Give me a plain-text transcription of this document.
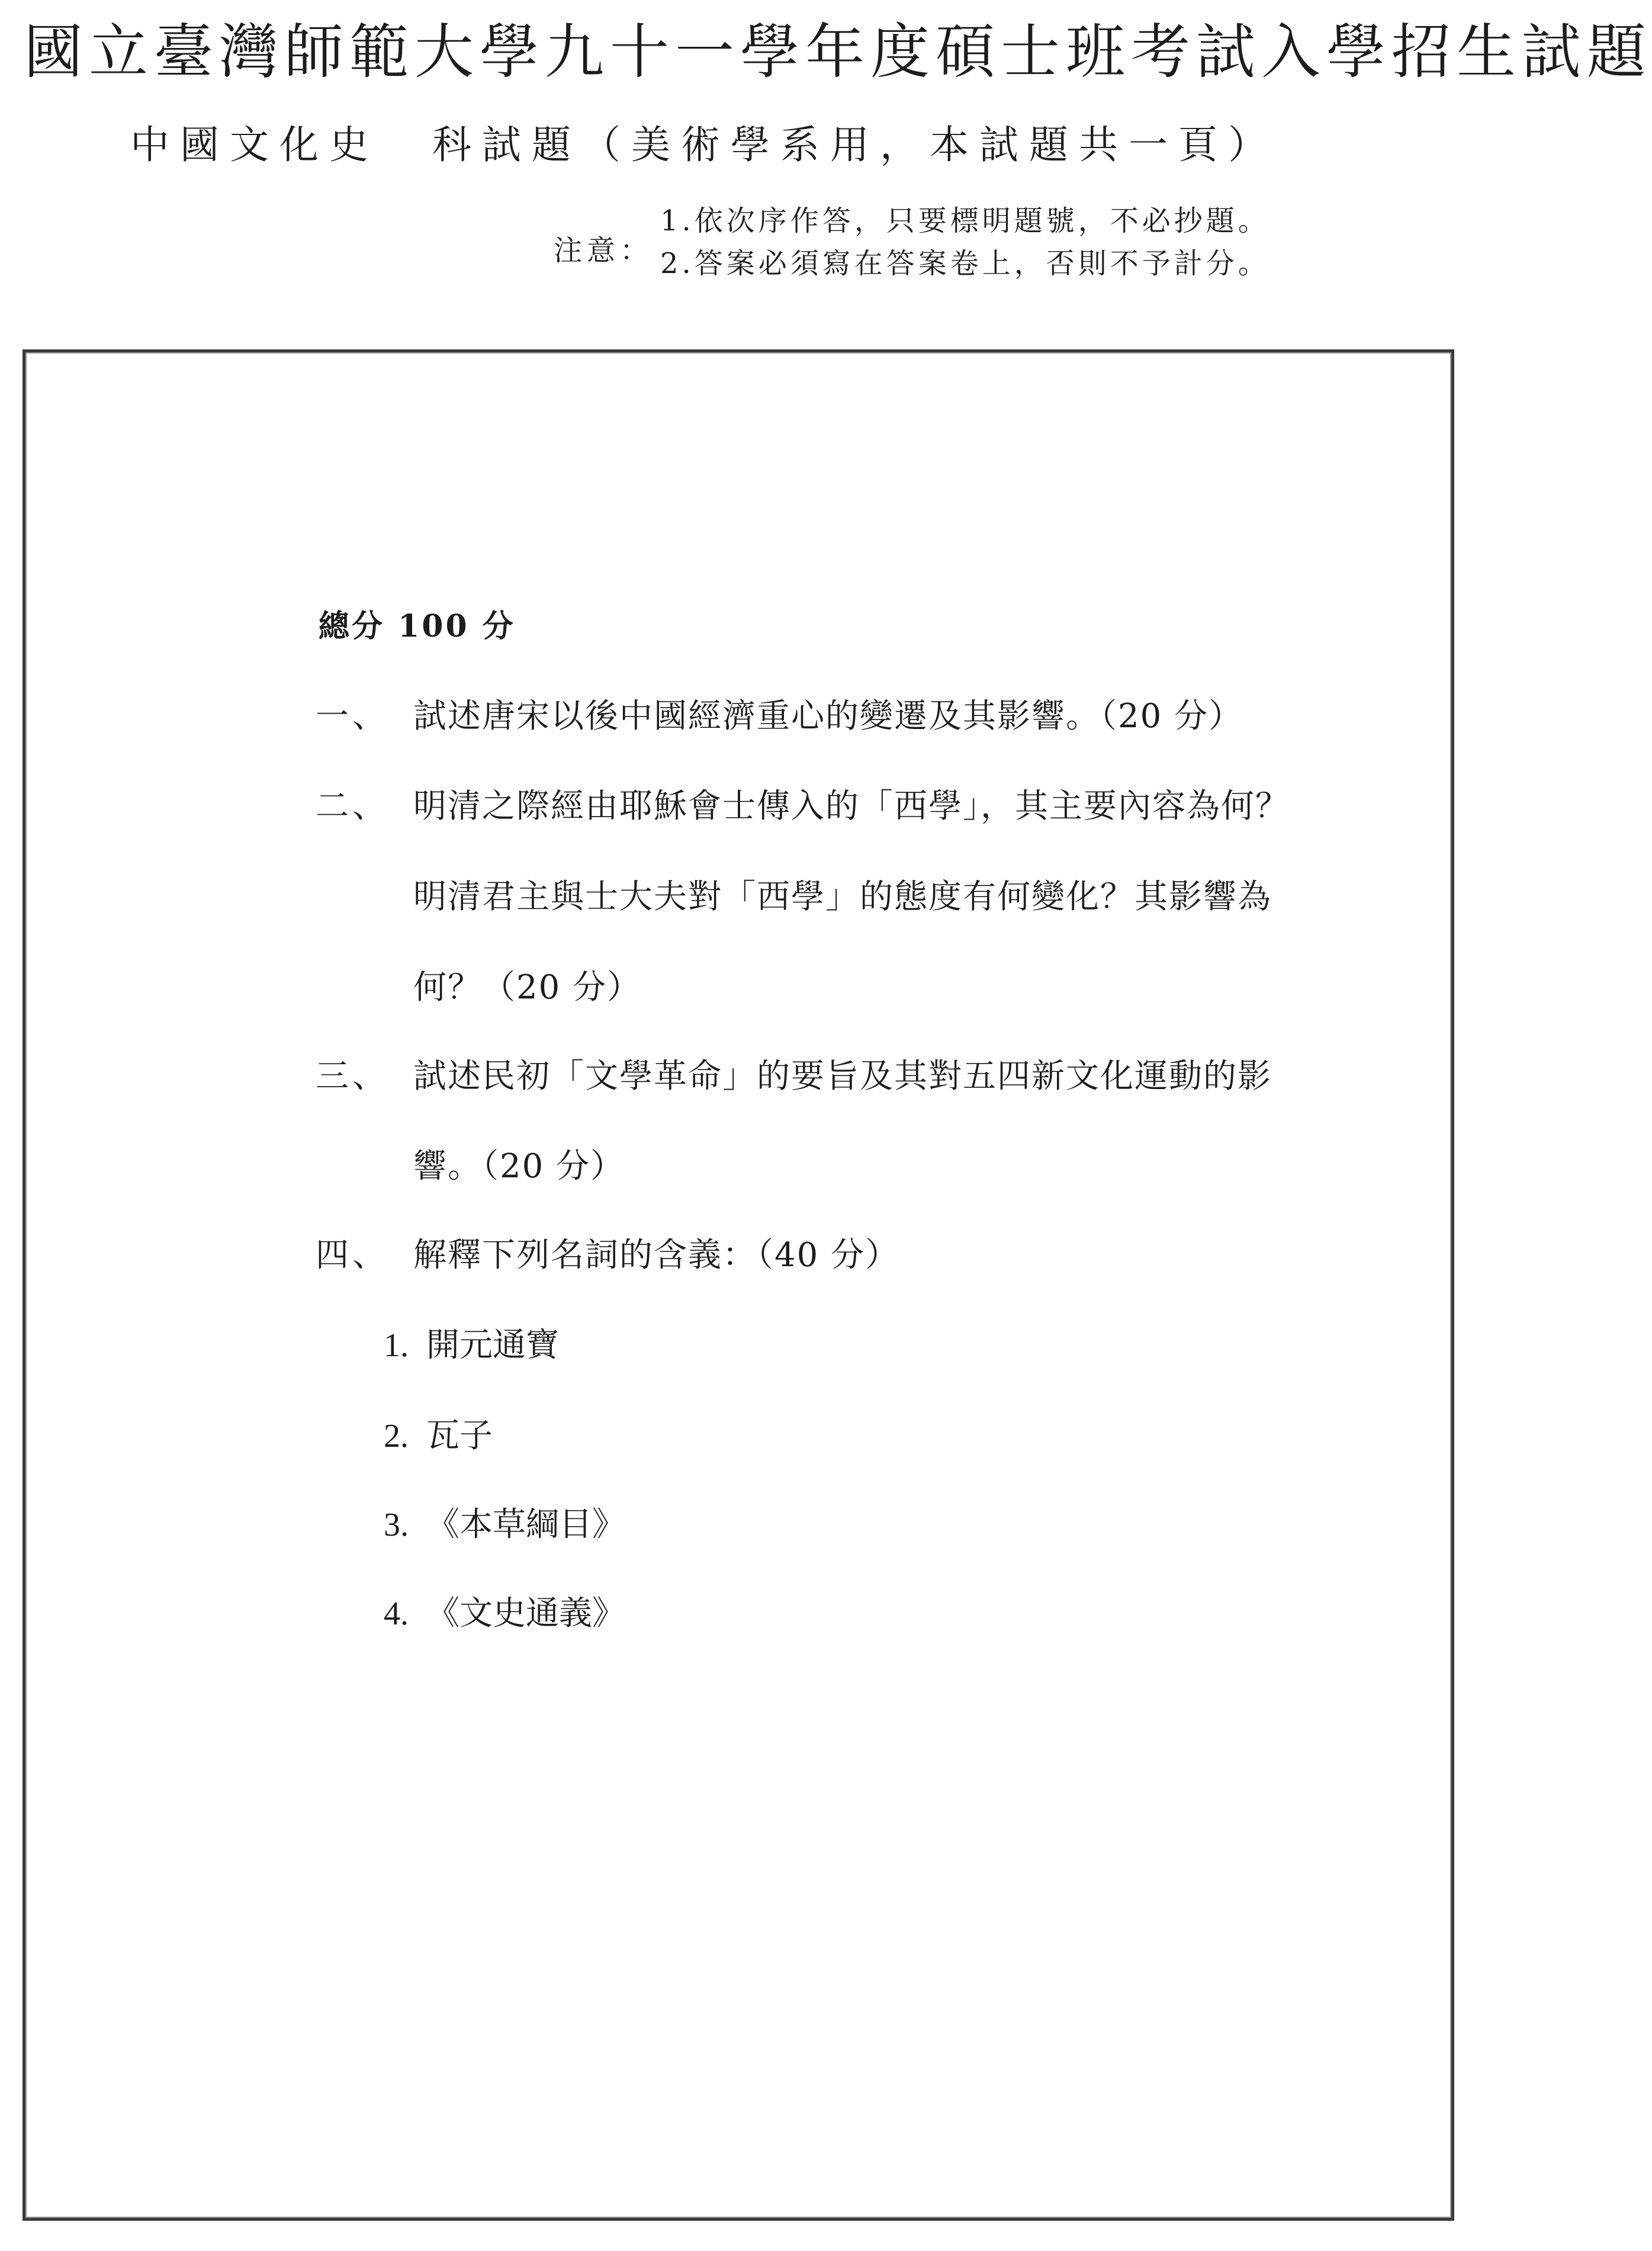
國立臺灣師範大學九十一學年度碩士班考試入學招生試題
中國文化史 科試題（美術學系用，本試題共一頁）
注意：
1.依次序作答，只要標明題號，不必抄題。
2.答案必須寫在答案卷上，否則不予計分。
總分 100 分
一、 試述唐宋以後中國經濟重心的變遷及其影響。（20 分）
二、 明清之際經由耶穌會士傳入的「西學」，其主要內容為何？
明清君主與士大夫對「西學」的態度有何變化？其影響為
何？（20 分）
三、 試述民初「文學革命」的要旨及其對五四新文化運動的影
響。（20 分）
四、 解釋下列名詞的含義：（40 分）
1. 開元通寶
2. 瓦子
3. 《本草綱目》
4. 《文史通義》
